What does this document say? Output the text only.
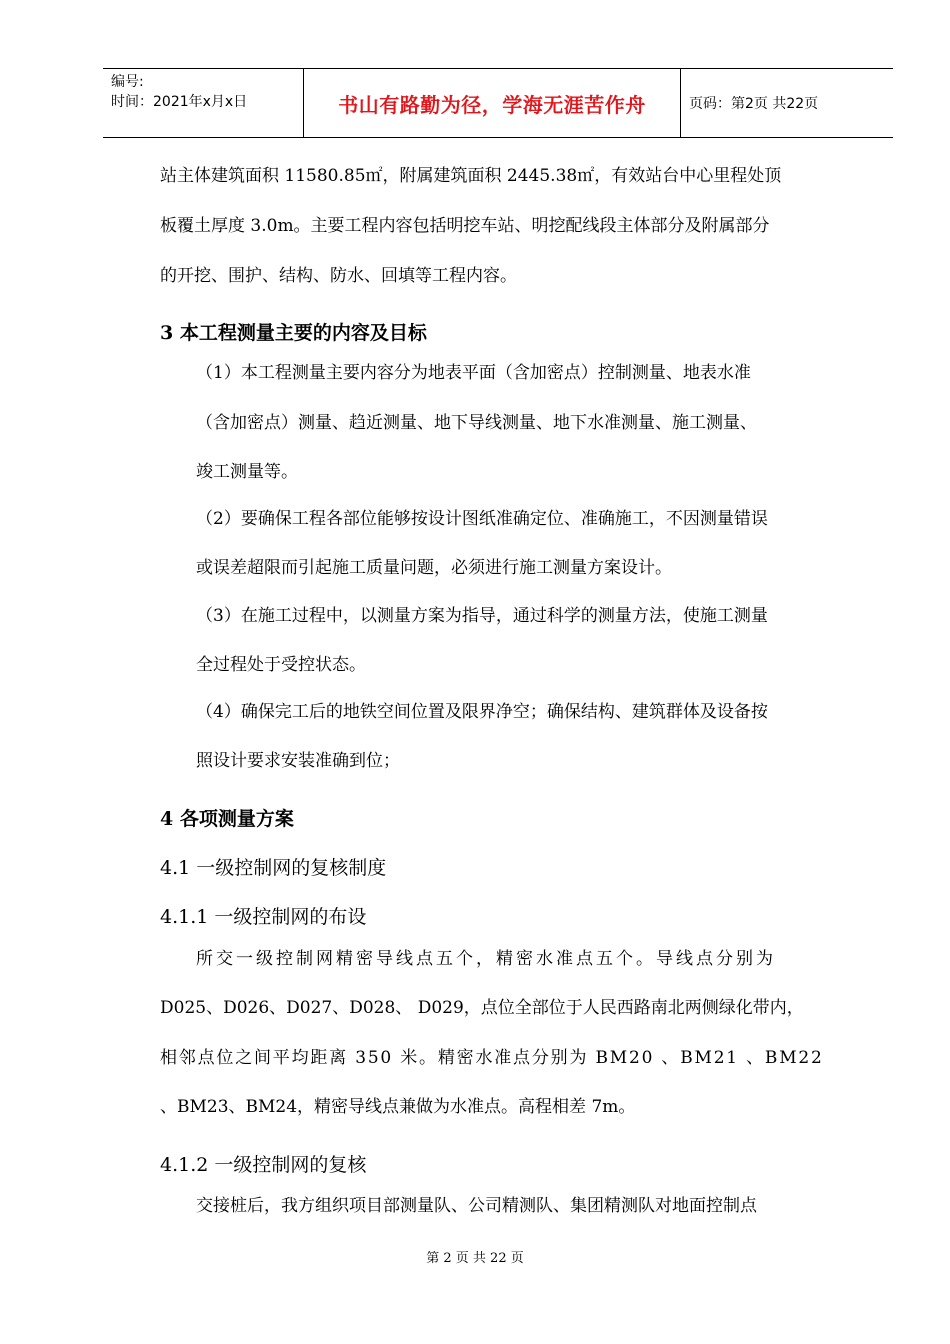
编号:
时间：2021年x月x日	书山有路勤为径，学海无涯苦作舟	页码：第2页 共22页
站主体建筑面积 11580.85㎡，附属建筑面积 2445.38㎡，有效站台中心里程处顶
板覆土厚度 3.0m。主要工程内容包括明挖车站、明挖配线段主体部分及附属部分
的开挖、围护、结构、防水、回填等工程内容。
3 本工程测量主要的内容及目标
（1）本工程测量主要内容分为地表平面（含加密点）控制测量、地表水准
（含加密点）测量、趋近测量、地下导线测量、地下水准测量、施工测量、
竣工测量等。
（2）要确保工程各部位能够按设计图纸准确定位、准确施工，不因测量错误
或误差超限而引起施工质量问题，必须进行施工测量方案设计。
（3）在施工过程中，以测量方案为指导，通过科学的测量方法，使施工测量
全过程处于受控状态。
（4）确保完工后的地铁空间位置及限界净空；确保结构、建筑群体及设备按
照设计要求安装准确到位；
4 各项测量方案
4.1 一级控制网的复核制度
4.1.1 一级控制网的布设
所交一级控制网精密导线点五个，精密水准点五个。导线点分别为
D025、D026、D027、D028、 D029，点位全部位于人民西路南北两侧绿化带内，
相邻点位之间平均距离 350 米。精密水准点分别为 BM20 、BM21 、BM22
、BM23、BM24，精密导线点兼做为水准点。高程相差 7m。
4.1.2 一级控制网的复核
交接桩后，我方组织项目部测量队、公司精测队、集团精测队对地面控制点
第 2 页 共 22 页
